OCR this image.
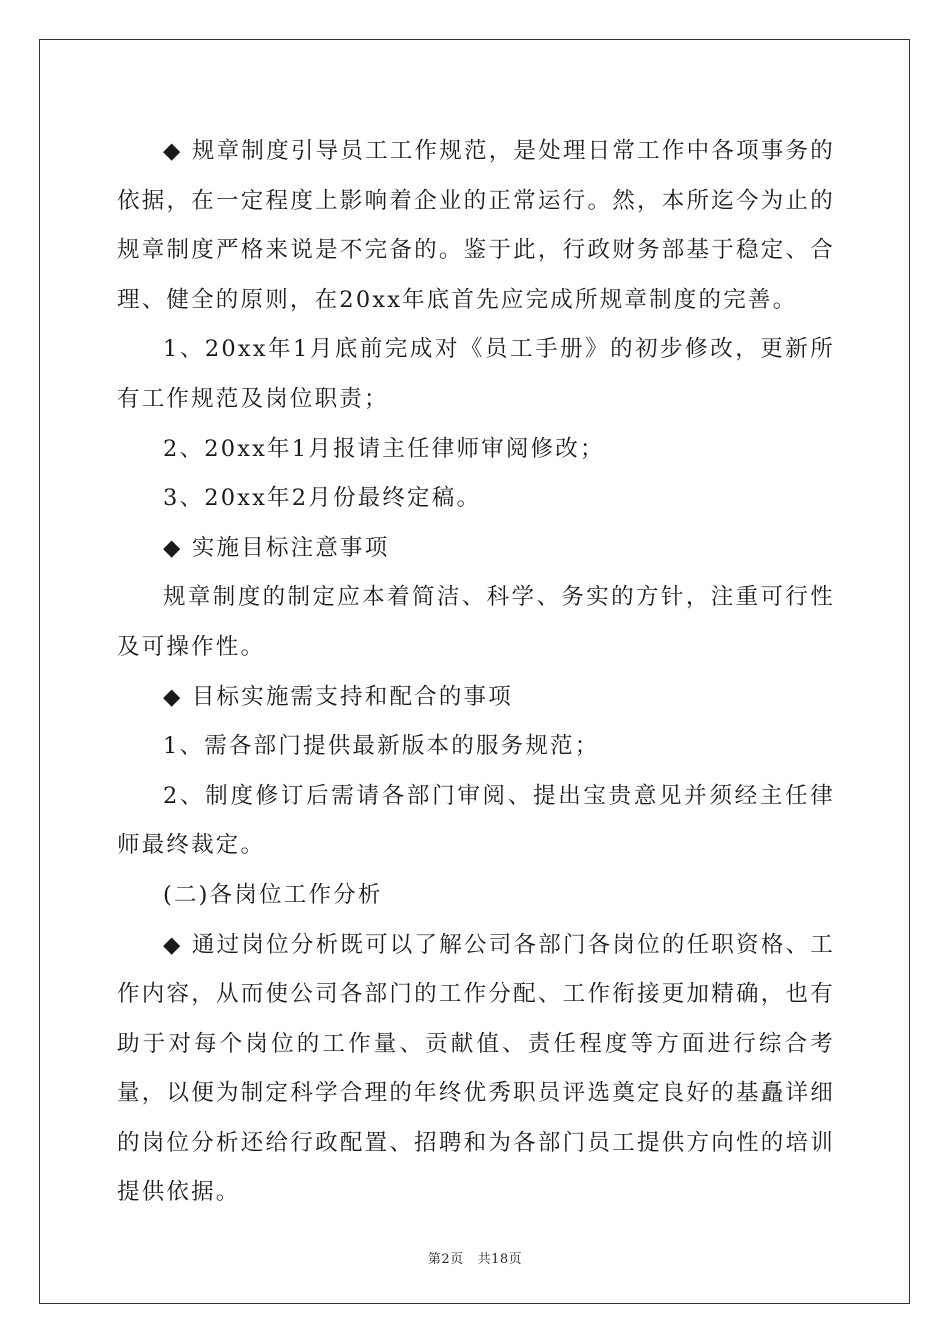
◆ 规章制度引导员工工作规范，是处理日常工作中各项事务的依据，在一定程度上影响着企业的正常运行。然，本所迄今为止的规章制度严格来说是不完备的。鉴于此，行政财务部基于稳定、合理、健全的原则，在20xx年底首先应完成所规章制度的完善。

1、20xx年1月底前完成对《员工手册》的初步修改，更新所有工作规范及岗位职责；

2、20xx年1月报请主任律师审阅修改；

3、20xx年2月份最终定稿。

◆ 实施目标注意事项

规章制度的制定应本着简洁、科学、务实的方针，注重可行性及可操作性。

◆ 目标实施需支持和配合的事项

1、需各部门提供最新版本的服务规范；

2、制度修订后需请各部门审阅、提出宝贵意见并须经主任律师最终裁定。

(二)各岗位工作分析

◆ 通过岗位分析既可以了解公司各部门各岗位的任职资格、工作内容，从而使公司各部门的工作分配、工作衔接更加精确，也有助于对每个岗位的工作量、贡献值、责任程度等方面进行综合考量，以便为制定科学合理的年终优秀职员评选奠定良好的基矗详细的岗位分析还给行政配置、招聘和为各部门员工提供方向性的培训提供依据。

第2页 共18页
